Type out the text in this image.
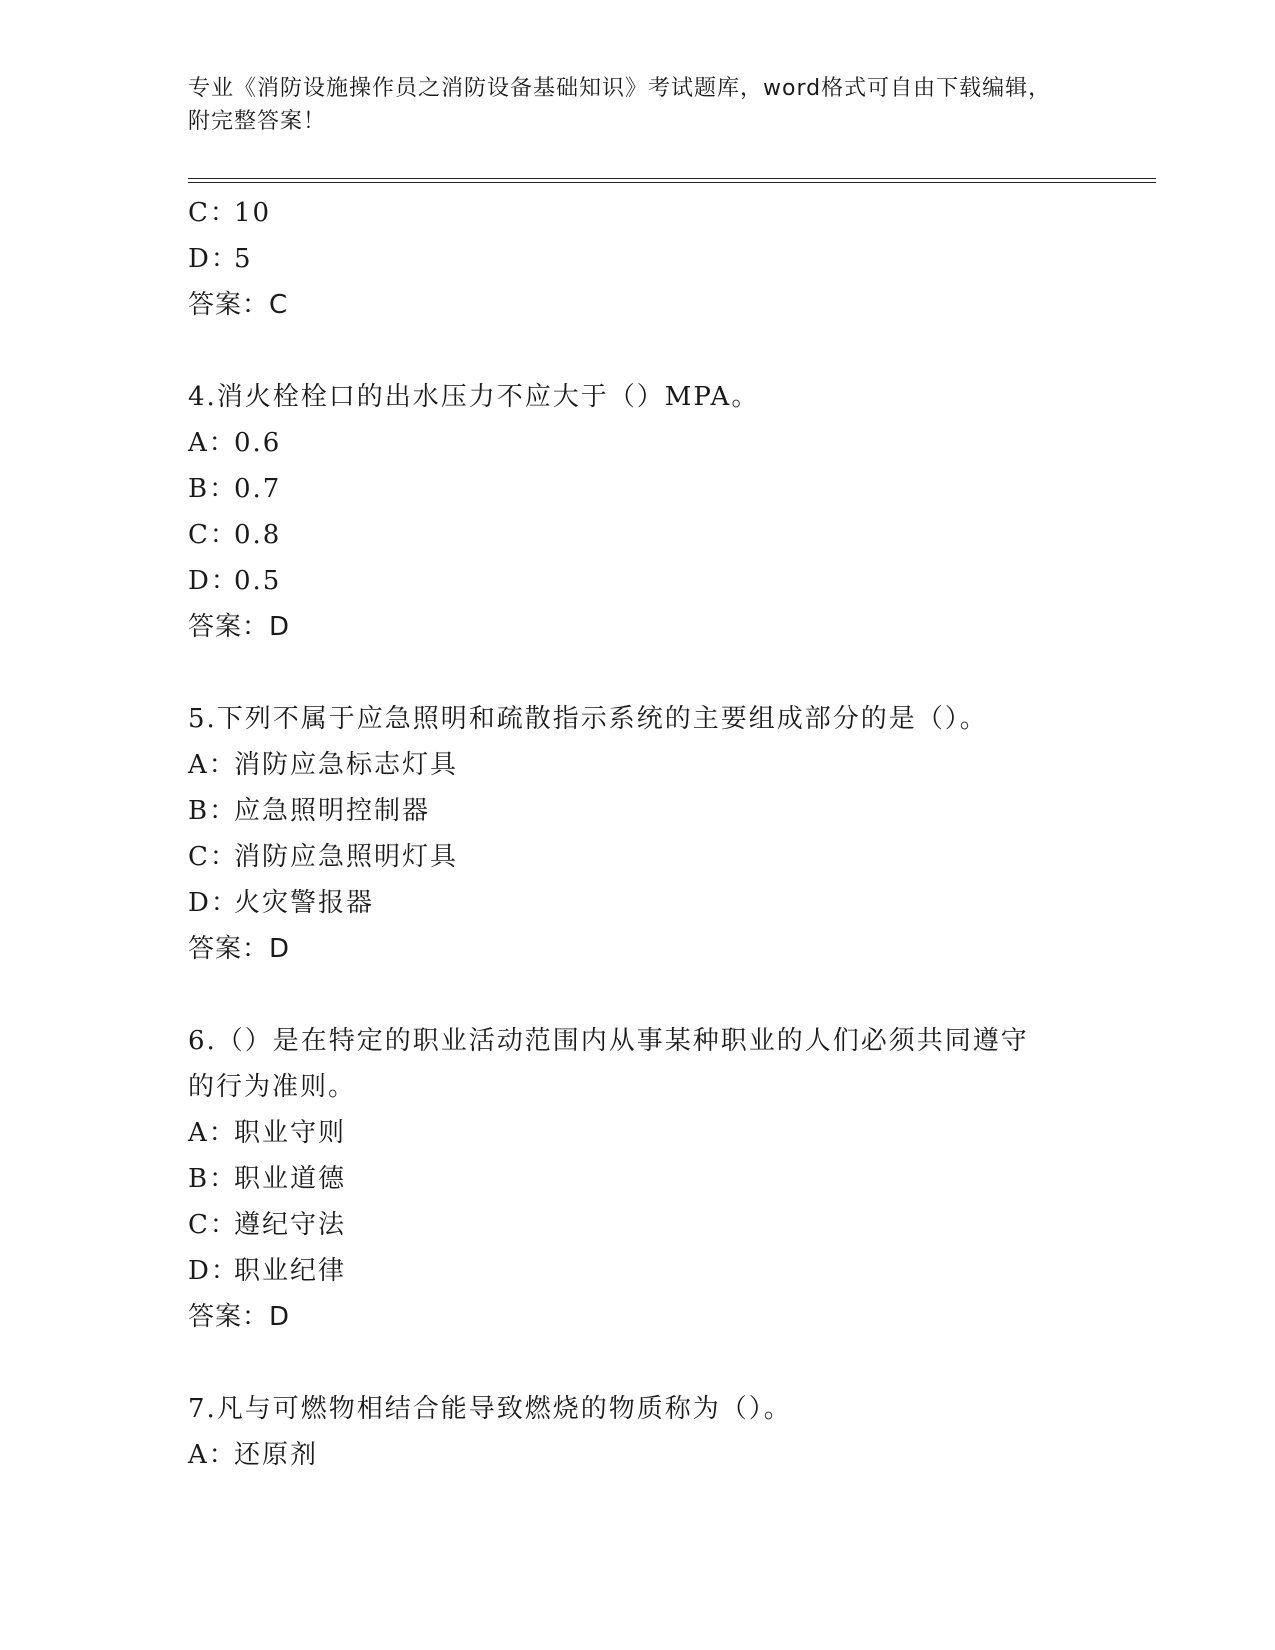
专业《消防设施操作员之消防设备基础知识》考试题库，word格式可自由下载编辑，附完整答案！
C：10
D：5
答案：C
4.消火栓栓口的出水压力不应大于（）MPA。
A：0.6
B：0.7
C：0.8
D：0.5
答案：D
5.下列不属于应急照明和疏散指示系统的主要组成部分的是（）。
A：消防应急标志灯具
B：应急照明控制器
C：消防应急照明灯具
D：火灾警报器
答案：D
6.（）是在特定的职业活动范围内从事某种职业的人们必须共同遵守
的行为准则。
A：职业守则
B：职业道德
C：遵纪守法
D：职业纪律
答案：D
7.凡与可燃物相结合能导致燃烧的物质称为（）。
A：还原剂
